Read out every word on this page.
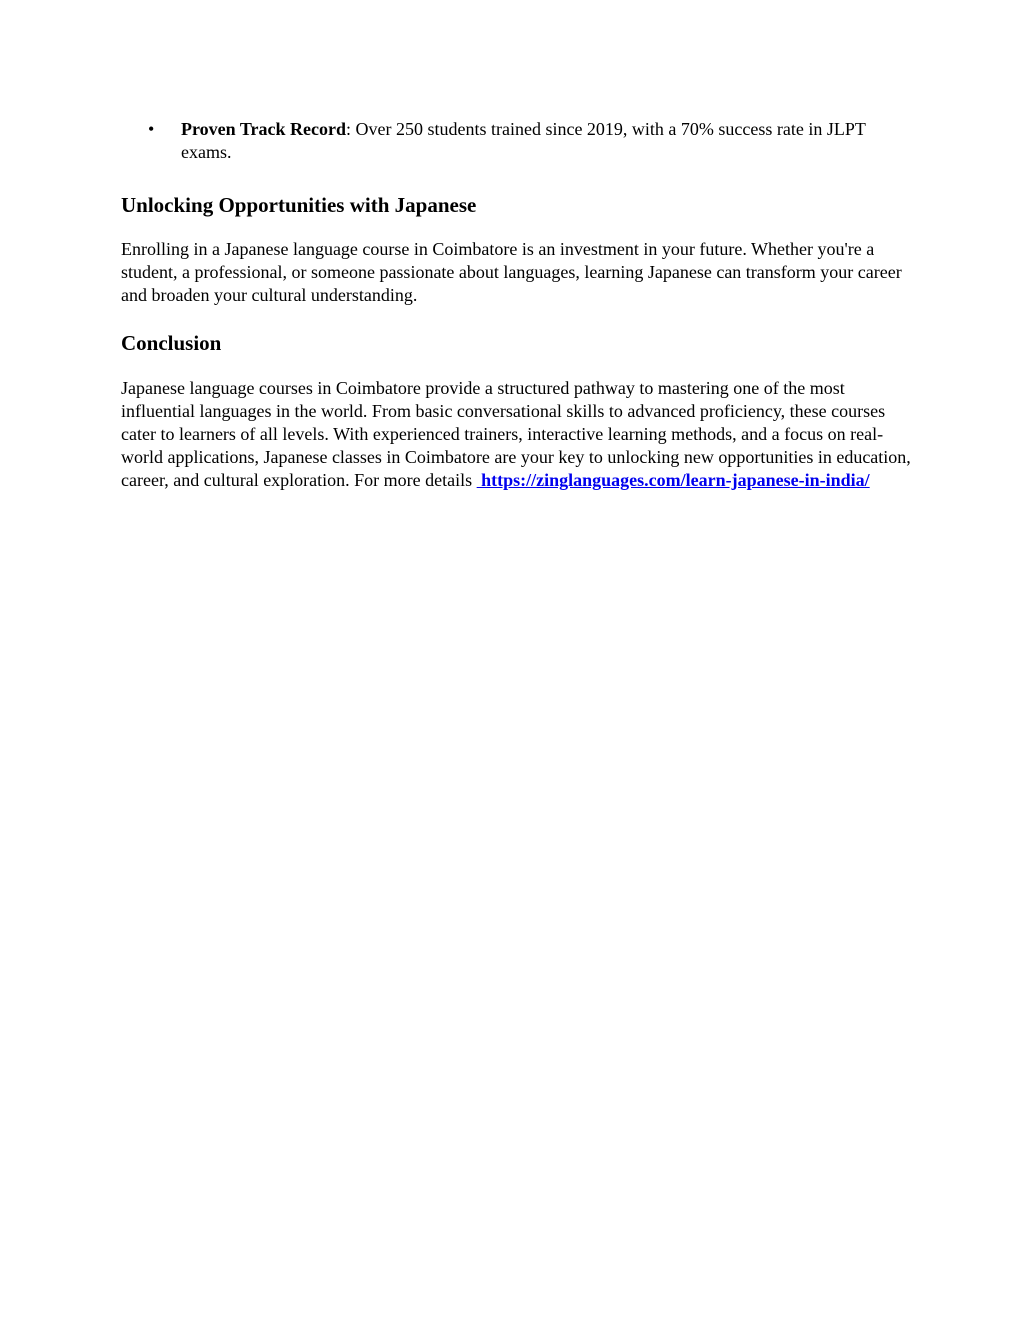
• Proven Track Record: Over 250 students trained since 2019, with a 70% success rate in JLPT exams.
Unlocking Opportunities with Japanese

Enrolling in a Japanese language course in Coimbatore is an investment in your future. Whether you're a student, a professional, or someone passionate about languages, learning Japanese can transform your career and broaden your cultural understanding.

Conclusion

Japanese language courses in Coimbatore provide a structured pathway to mastering one of the most influential languages in the world. From basic conversational skills to advanced proficiency, these courses cater to learners of all levels. With experienced trainers, interactive learning methods, and a focus on real-world applications, Japanese classes in Coimbatore are your key to unlocking new opportunities in education, career, and cultural exploration. For more details  https://zinglanguages.com/learn-japanese-in-india/
